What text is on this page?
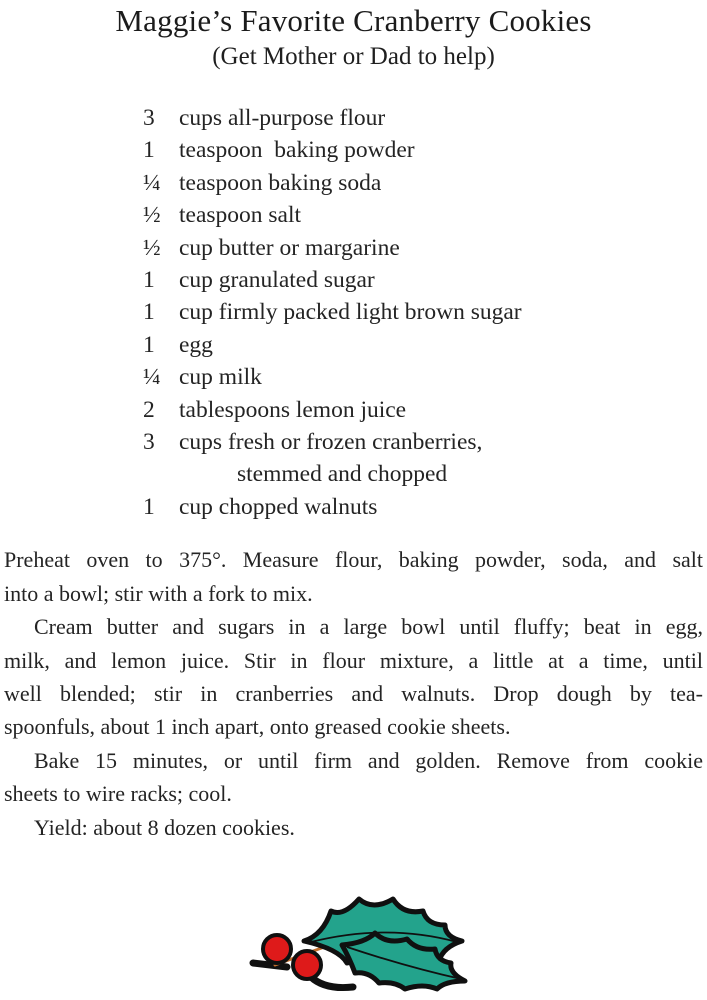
Maggie’s Favorite Cranberry Cookies
(Get Mother or Dad to help)
3	cups all-purpose flour
1	teaspoon  baking powder
¼ teaspoon baking soda
½ teaspoon salt
½ cup butter or margarine
1	cup granulated sugar
1	cup firmly packed light brown sugar
1	egg
¼ cup milk
2	tablespoons lemon juice
3	cups fresh or frozen cranberries,
stemmed and chopped
1	cup chopped walnuts
Preheat oven to 375°. Measure flour, baking powder, soda, and salt
into a bowl; stir with a fork to mix.
Cream butter and sugars in a large bowl until fluffy; beat in egg,
milk, and lemon juice. Stir in flour mixture, a little at a time, until
well blended; stir in cranberries and walnuts. Drop dough by tea-
spoonfuls, about 1 inch apart, onto greased cookie sheets.
Bake 15 minutes, or until firm and golden. Remove from cookie
sheets to wire racks; cool.
Yield: about 8 dozen cookies.
